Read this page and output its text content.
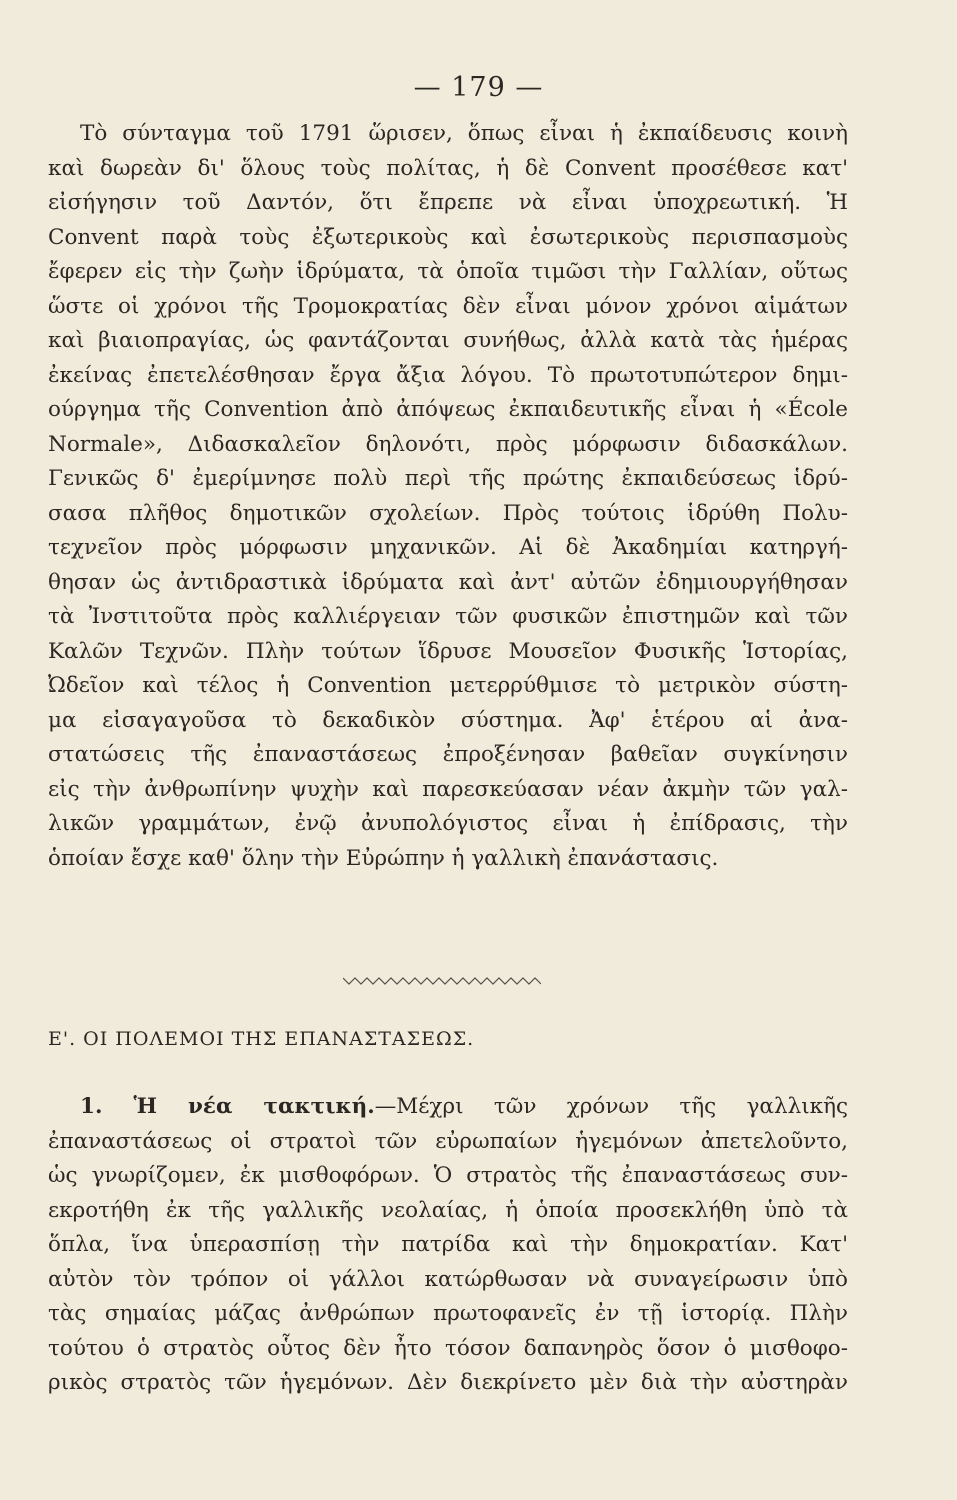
— 179 —
Τὸ σύνταγμα τοῦ 1791 ὥρισεν, ὅπως εἶναι ἡ ἐκπαίδευσις κοινὴ
καὶ δωρεὰν δι' ὅλους τοὺς πολίτας, ἡ δὲ Convent προσέθεσε κατ'
εἰσήγησιν τοῦ Δαντόν, ὅτι ἔπρεπε νὰ εἶναι ὑποχρεωτική. Ἡ
Convent παρὰ τοὺς ἐξωτερικοὺς καὶ ἐσωτερικοὺς περισπασμοὺς
ἔφερεν εἰς τὴν ζωὴν ἱδρύματα, τὰ ὁποῖα τιμῶσι τὴν Γαλλίαν, οὕτως
ὥστε οἱ χρόνοι τῆς Τρομοκρατίας δὲν εἶναι μόνον χρόνοι αἱμάτων
καὶ βιαιοπραγίας, ὡς φαντάζονται συνήθως, ἀλλὰ κατὰ τὰς ἡμέρας
ἐκείνας ἐπετελέσθησαν ἔργα ἄξια λόγου. Τὸ πρωτοτυπώτερον δημι-
ούργημα τῆς Convention ἀπὸ ἀπόψεως ἐκπαιδευτικῆς εἶναι ἡ «École
Normale», Διδασκαλεῖον δηλονότι, πρὸς μόρφωσιν διδασκάλων.
Γενικῶς δ' ἐμερίμνησε πολὺ περὶ τῆς πρώτης ἐκπαιδεύσεως ἱδρύ-
σασα πλῆθος δημοτικῶν σχολείων. Πρὸς τούτοις ἱδρύθη Πολυ-
τεχνεῖον πρὸς μόρφωσιν μηχανικῶν. Αἱ δὲ Ἀκαδημίαι κατηργή-
θησαν ὡς ἀντιδραστικὰ ἱδρύματα καὶ ἀντ' αὐτῶν ἐδημιουργήθησαν
τὰ Ἰνστιτοῦτα πρὸς καλλιέργειαν τῶν φυσικῶν ἐπιστημῶν καὶ τῶν
Καλῶν Τεχνῶν. Πλὴν τούτων ἵδρυσε Μουσεῖον Φυσικῆς Ἱστορίας,
Ὠδεῖον καὶ τέλος ἡ Convention μετερρύθμισε τὸ μετρικὸν σύστη-
μα εἰσαγαγοῦσα τὸ δεκαδικὸν σύστημα. Ἀφ' ἑτέρου αἱ ἀνα-
στατώσεις τῆς ἐπαναστάσεως ἐπροξένησαν βαθεῖαν συγκίνησιν
εἰς τὴν ἀνθρωπίνην ψυχὴν καὶ παρεσκεύασαν νέαν ἀκμὴν τῶν γαλ-
λικῶν γραμμάτων, ἐνῷ ἀνυπολόγιστος εἶναι ἡ ἐπίδρασις, τὴν
ὁποίαν ἔσχε καθ' ὅλην τὴν Εὐρώπην ἡ γαλλικὴ ἐπανάστασις.
Ε'. ΟΙ ΠΟΛΕΜΟΙ ΤΗΣ ΕΠΑΝΑΣΤΑΣΕΩΣ.
1. Ἡ νέα τακτική.—Μέχρι τῶν χρόνων τῆς γαλλικῆς
ἐπαναστάσεως οἱ στρατοὶ τῶν εὐρωπαίων ἡγεμόνων ἀπετελοῦντο,
ὡς γνωρίζομεν, ἐκ μισθοφόρων. Ὁ στρατὸς τῆς ἐπαναστάσεως συν-
εκροτήθη ἐκ τῆς γαλλικῆς νεολαίας, ἡ ὁποία προσεκλήθη ὑπὸ τὰ
ὅπλα, ἵνα ὑπερασπίσῃ τὴν πατρίδα καὶ τὴν δημοκρατίαν. Κατ'
αὐτὸν τὸν τρόπον οἱ γάλλοι κατώρθωσαν νὰ συναγείρωσιν ὑπὸ
τὰς σημαίας μάζας ἀνθρώπων πρωτοφανεῖς ἐν τῇ ἱστορίᾳ. Πλὴν
τούτου ὁ στρατὸς οὗτος δὲν ἦτο τόσον δαπανηρὸς ὅσον ὁ μισθοφο-
ρικὸς στρατὸς τῶν ἡγεμόνων. Δὲν διεκρίνετο μὲν διὰ τὴν αὐστηρὰν
